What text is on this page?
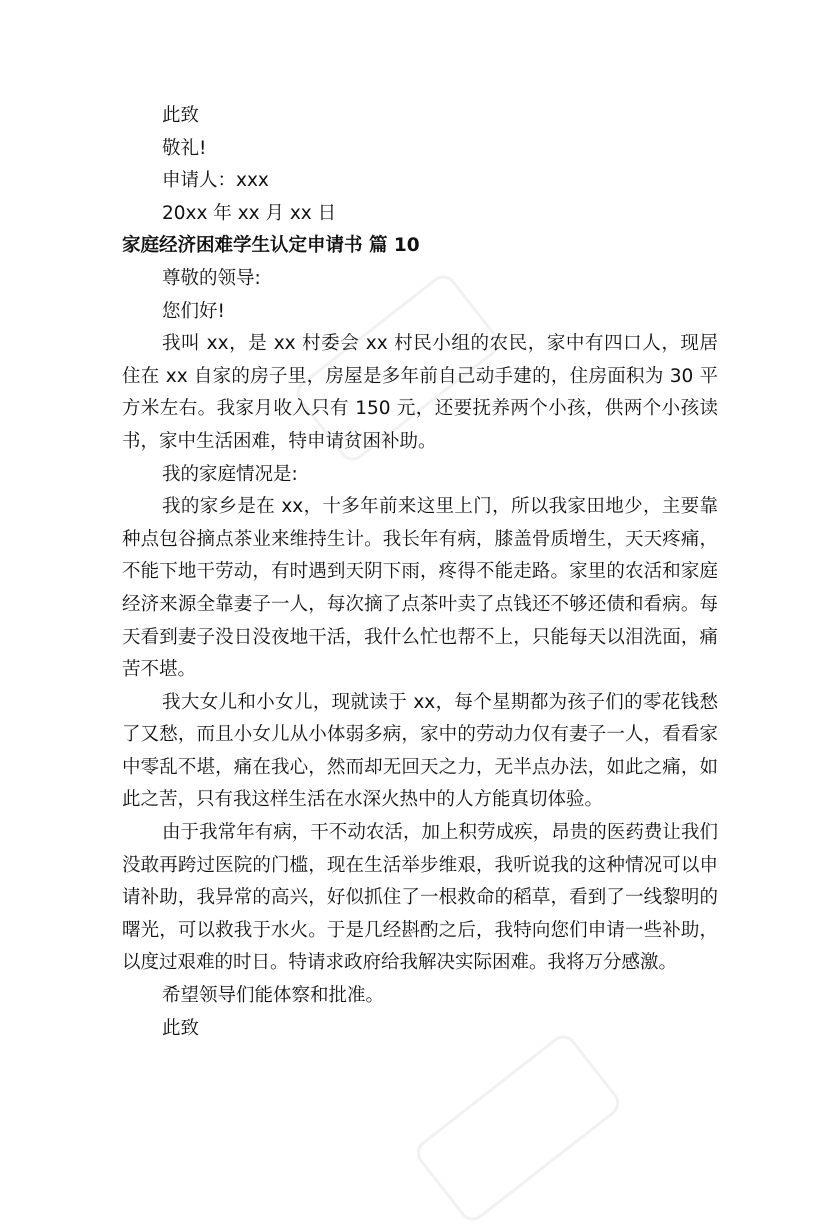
此致
敬礼!
申请人：xxx
20xx 年 xx 月 xx 日
家庭经济困难学生认定申请书 篇 10
尊敬的领导:
您们好!
我叫 xx，是 xx 村委会 xx 村民小组的农民，家中有四口人，现居住在 xx 自家的房子里，房屋是多年前自己动手建的，住房面积为 30 平方米左右。我家月收入只有 150 元，还要抚养两个小孩，供两个小孩读书，家中生活困难，特申请贫困补助。
我的家庭情况是:
我的家乡是在 xx，十多年前来这里上门，所以我家田地少，主要靠种点包谷摘点茶业来维持生计。我长年有病，膝盖骨质增生，天天疼痛，不能下地干劳动，有时遇到天阴下雨，疼得不能走路。家里的农活和家庭经济来源全靠妻子一人，每次摘了点茶叶卖了点钱还不够还债和看病。每天看到妻子没日没夜地干活，我什么忙也帮不上，只能每天以泪洗面，痛苦不堪。
我大女儿和小女儿，现就读于 xx，每个星期都为孩子们的零花钱愁了又愁，而且小女儿从小体弱多病，家中的劳动力仅有妻子一人，看看家中零乱不堪，痛在我心，然而却无回天之力，无半点办法，如此之痛，如此之苦，只有我这样生活在水深火热中的人方能真切体验。
由于我常年有病，干不动农活，加上积劳成疾，昂贵的医药费让我们没敢再跨过医院的门槛，现在生活举步维艰，我听说我的这种情况可以申请补助，我异常的高兴，好似抓住了一根救命的稻草，看到了一线黎明的曙光，可以救我于水火。于是几经斟酌之后，我特向您们申请一些补助，以度过艰难的时日。特请求政府给我解决实际困难。我将万分感激。
希望领导们能体察和批准。
此致
